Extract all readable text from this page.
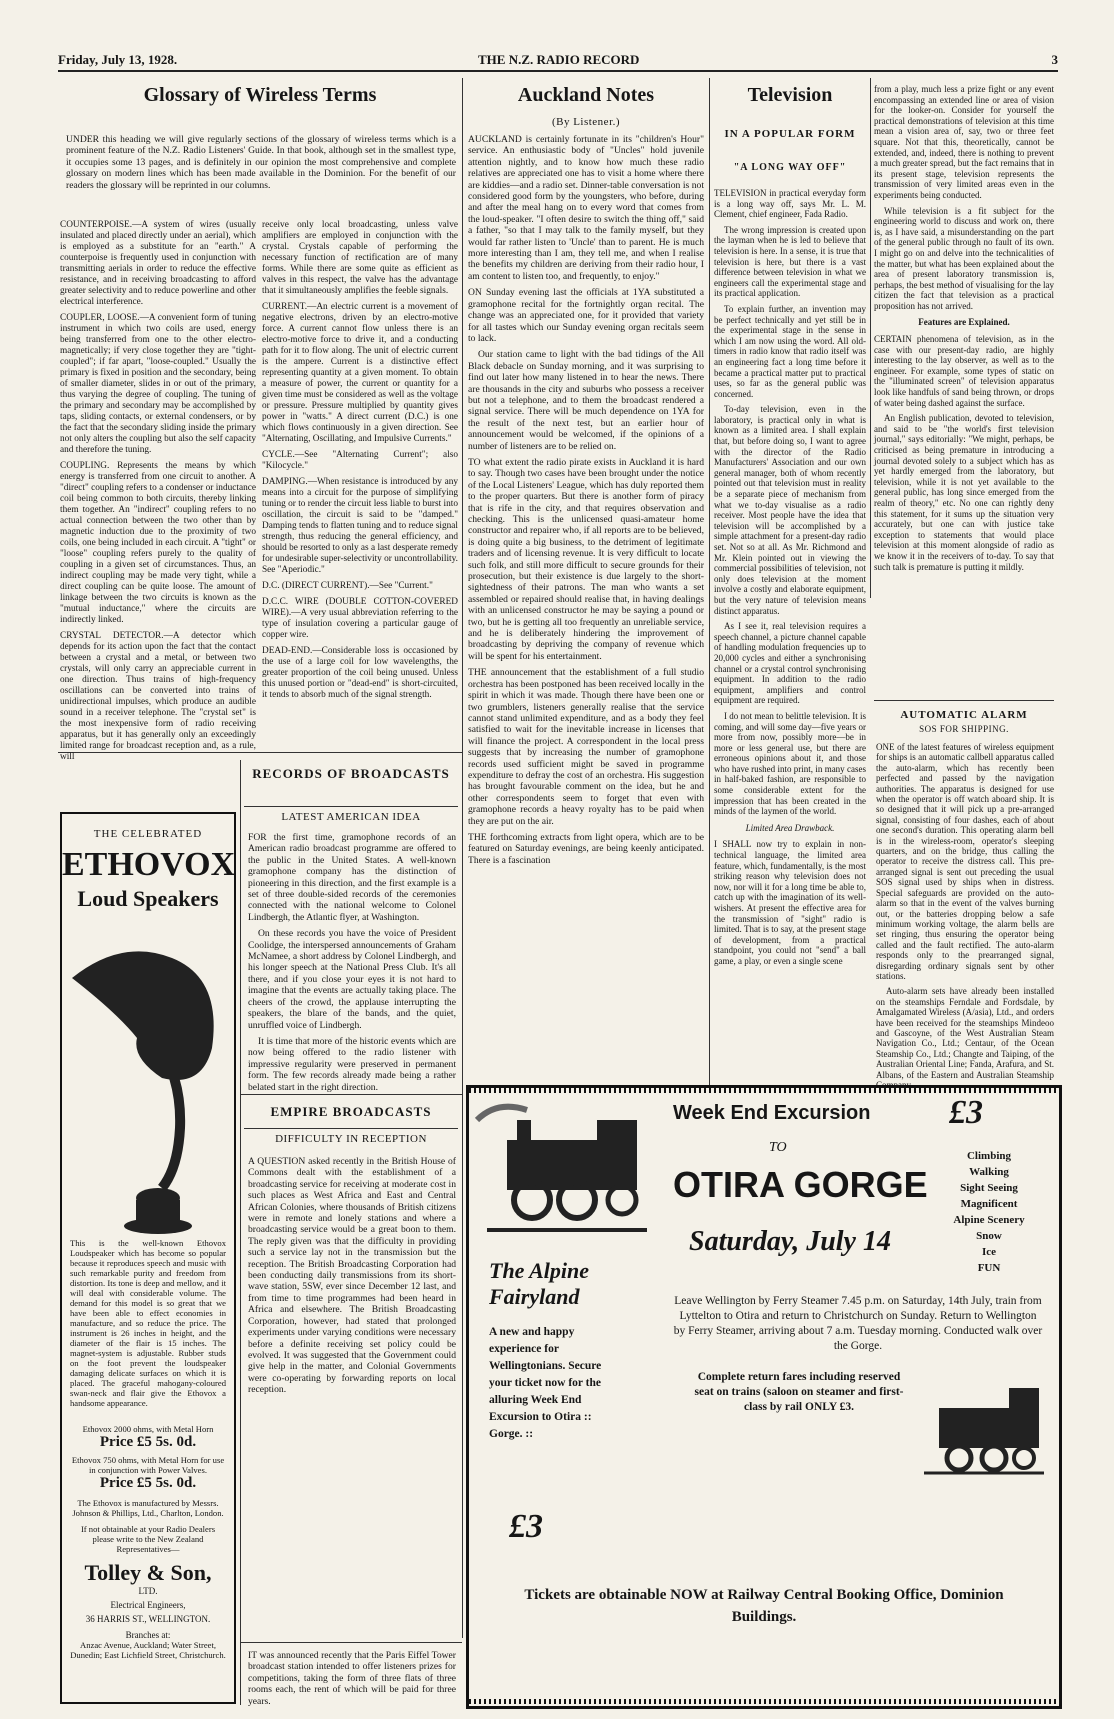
Friday, July 13, 1928.	THE N.Z. RADIO RECORD	3
Glossary of Wireless Terms

UNDER this heading we will give regularly sections of the glossary of wireless terms which is a prominent feature of the N.Z. Radio Listeners' Guide. In that book, although set in the smallest type, it occupies some 13 pages, and is definitely in our opinion the most comprehensive and complete glossary on modern lines which has been made available in the Dominion. For the benefit of our readers the glossary will be reprinted in our columns.

COUNTERPOISE.—A system of wires (usually insulated and placed directly under an aerial), which is employed as a substitute for an "earth." A counterpoise is frequently used in conjunction with transmitting aerials in order to reduce the effective resistance, and in receiving broadcasting to afford greater selectivity and to reduce powerline and other electrical interference.

COUPLER, LOOSE.—A convenient form of tuning instrument in which two coils are used, energy being transferred from one to the other electro-magnetically; if very close together they are "tight-coupled"; if far apart, "loose-coupled." Usually the primary is fixed in position and the secondary, being of smaller diameter, slides in or out of the primary, thus varying the degree of coupling. The tuning of the primary and secondary may be accomplished by taps, sliding contacts, or external condensers, or by the fact that the secondary sliding inside the primary not only alters the coupling but also the self capacity and therefore the tuning.

COUPLING. Represents the means by which energy is transferred from one circuit to another. A "direct" coupling refers to a condenser or inductance coil being common to both circuits, thereby linking them together. An "indirect" coupling refers to no actual connection between the two other than by magnetic induction due to the proximity of two coils, one being included in each circuit. A "tight" or "loose" coupling refers purely to the quality of coupling in a given set of circumstances. Thus, an indirect coupling may be made very tight, while a direct coupling can be quite loose. The amount of linkage between the two circuits is known as the "mutual inductance," where the circuits are indirectly linked.

CRYSTAL DETECTOR.—A detector which depends for its action upon the fact that the contact between a crystal and a metal, or between two crystals, will only carry an appreciable current in one direction. Thus trains of high-frequency oscillations can be converted into trains of unidirectional impulses, which produce an audible sound in a receiver telephone. The "crystal set" is the most inexpensive form of radio receiving apparatus, but it has generally only an exceedingly limited range for broadcast reception and, as a rule, will

receive only local broadcasting, unless valve amplifiers are employed in conjunction with the crystal. Crystals capable of performing the necessary function of rectification are of many forms. While there are some quite as efficient as valves in this respect, the valve has the advantage that it simultaneously amplifies the feeble signals.

CURRENT.—An electric current is a movement of negative electrons, driven by an electro-motive force. A current cannot flow unless there is an electro-motive force to drive it, and a conducting path for it to flow along. The unit of electric current is the ampere. Current is a distinctive effect representing quantity at a given moment. To obtain a measure of power, the current or quantity for a given time must be considered as well as the voltage or pressure. Pressure multiplied by quantity gives power in "watts." A direct current (D.C.) is one which flows continuously in a given direction. See "Alternating, Oscillating, and Impulsive Currents."

CYCLE.—See "Alternating Current"; also "Kilocycle."

DAMPING.—When resistance is introduced by any means into a circuit for the purpose of simplifying tuning or to render the circuit less liable to burst into oscillation, the circuit is said to be "damped." Damping tends to flatten tuning and to reduce signal strength, thus reducing the general efficiency, and should be resorted to only as a last desperate remedy for undesirable super-selectivity or uncontrollability. See "Aperiodic."

D.C. (DIRECT CURRENT).—See "Current."

D.C.C. WIRE (DOUBLE COTTON-COVERED WIRE).—A very usual abbreviation referring to the type of insulation covering a particular gauge of copper wire.

DEAD-END.—Considerable loss is occasioned by the use of a large coil for low wavelengths, the greater proportion of the coil being unused. Unless this unused portion or "dead-end" is short-circuited, it tends to absorb much of the signal strength.

THE CELEBRATED
ETHOVOX
Loud Speakers

This is the well-known Ethovox Loudspeaker which has become so popular because it reproduces speech and music with such remarkable purity and freedom from distortion. Its tone is deep and mellow, and it will deal with considerable volume. The demand for this model is so great that we have been able to effect economies in manufacture, and so reduce the price. The instrument is 26 inches in height, and the diameter of the flair is 15 inches. The magnet-system is adjustable. Rubber studs on the foot prevent the loudspeaker damaging delicate surfaces on which it is placed. The graceful mahogany-coloured swan-neck and flair give the Ethovox a handsome appearance.

Ethovox 2000 ohms, with Metal Horn
Price £5 5s. 0d.
Ethovox 750 ohms, with Metal Horn for use in conjunction with Power Valves.
Price £5 5s. 0d.
The Ethovox is manufactured by Messrs. Johnson & Phillips, Ltd., Charlton, London.
If not obtainable at your Radio Dealers please write to the New Zealand Representatives—
Tolley & Son,
LTD.
Electrical Engineers,
36 HARRIS ST., WELLINGTON.
Branches at:
Anzac Avenue, Auckland; Water Street, Dunedin; East Lichfield Street, Christchurch.
RECORDS OF BROADCASTS
LATEST AMERICAN IDEA

FOR the first time, gramophone records of an American radio broadcast programme are offered to the public in the United States. A well-known gramophone company has the distinction of pioneering in this direction, and the first example is a set of three double-sided records of the ceremonies connected with the national welcome to Colonel Lindbergh, the Atlantic flyer, at Washington.

On these records you have the voice of President Coolidge, the interspersed announcements of Graham McNamee, a short address by Colonel Lindbergh, and his longer speech at the National Press Club. It's all there, and if you close your eyes it is not hard to imagine that the events are actually taking place. The cheers of the crowd, the applause interrupting the speakers, the blare of the bands, and the quiet, unruffled voice of Lindbergh.

It is time that more of the historic events which are now being offered to the radio listener with impressive regularity were preserved in permanent form. The few records already made being a rather belated start in the right direction.

EMPIRE BROADCASTS
DIFFICULTY IN RECEPTION

A QUESTION asked recently in the British House of Commons dealt with the establishment of a broadcasting service for receiving at moderate cost in such places as West Africa and East and Central African Colonies, where thousands of British citizens were in remote and lonely stations and where a broadcasting service would be a great boon to them. The reply given was that the difficulty in providing such a service lay not in the transmission but the reception. The British Broadcasting Corporation had been conducting daily transmissions from its short-wave station, 5SW, ever since December 12 last, and from time to time programmes had been heard in Africa and elsewhere. The British Broadcasting Corporation, however, had stated that prolonged experiments under varying conditions were necessary before a definite receiving set policy could be evolved. It was suggested that the Government could give help in the matter, and Colonial Governments were co-operating by forwarding reports on local reception.

IT was announced recently that the Paris Eiffel Tower broadcast station intended to offer listeners prizes for competitions, taking the form of three flats of three rooms each, the rent of which will be paid for three years.

Auckland Notes
(By Listener.)

AUCKLAND is certainly fortunate in its "children's Hour" service. An enthusiastic body of "Uncles" hold juvenile attention nightly, and to know how much these radio relatives are appreciated one has to visit a home where there are kiddies—and a radio set. Dinner-table conversation is not considered good form by the youngsters, who before, during and after the meal hang on to every word that comes from the loud-speaker. "I often desire to switch the thing off," said a father, "so that I may talk to the family myself, but they would far rather listen to 'Uncle' than to parent. He is much more interesting than I am, they tell me, and when I realise the benefits my children are deriving from their radio hour, I am content to listen too, and frequently, to enjoy."

ON Sunday evening last the officials at 1YA substituted a gramophone recital for the fortnightly organ recital. The change was an appreciated one, for it provided that variety for all tastes which our Sunday evening organ recitals seem to lack.

Our station came to light with the bad tidings of the All Black debacle on Sunday morning, and it was surprising to find out later how many listened in to hear the news. There are thousands in the city and suburbs who possess a receiver but not a telephone, and to them the broadcast rendered a signal service. There will be much dependence on 1YA for the result of the next test, but an earlier hour of announcement would be welcomed, if the opinions of a number of listeners are to be relied on.

TO what extent the radio pirate exists in Auckland it is hard to say. Though two cases have been brought under the notice of the Local Listeners' League, which has duly reported them to the proper quarters. But there is another form of piracy that is rife in the city, and that requires observation and checking. This is the unlicensed quasi-amateur home constructor and repairer who, if all reports are to be believed, is doing quite a big business, to the detriment of legitimate traders and of licensing revenue. It is very difficult to locate such folk, and still more difficult to secure grounds for their prosecution, but their existence is due largely to the short-sightedness of their patrons. The man who wants a set assembled or repaired should realise that, in having dealings with an unlicensed constructor he may be saying a pound or two, but he is getting all too frequently an unreliable service, and he is deliberately hindering the improvement of broadcasting by depriving the company of revenue which will be spent for his entertainment.

THE announcement that the establishment of a full studio orchestra has been postponed has been received locally in the spirit in which it was made. Though there have been one or two grumblers, listeners generally realise that the service cannot stand unlimited expenditure, and as a body they feel satisfied to wait for the inevitable increase in licenses that will finance the project. A correspondent in the local press suggests that by increasing the number of gramophone records used sufficient might be saved in programme expenditure to defray the cost of an orchestra. His suggestion has brought favourable comment on the idea, but he and other correspondents seem to forget that even with gramophone records a heavy royalty has to be paid when they are put on the air.

THE forthcoming extracts from light opera, which are to be featured on Saturday evenings, are being keenly anticipated. There is a fascination

Television
IN A POPULAR FORM
"A LONG WAY OFF"

TELEVISION in practical everyday form is a long way off, says Mr. L. M. Clement, chief engineer, Fada Radio.

The wrong impression is created upon the layman when he is led to believe that television is here. In a sense, it is true that television is here, but there is a vast difference between television in what we engineers call the experimental stage and its practical application.

To explain further, an invention may be perfect technically and yet still be in the experimental stage in the sense in which I am now using the word. All old-timers in radio know that radio itself was an engineering fact a long time before it became a practical matter put to practical uses, so far as the general public was concerned.

To-day television, even in the laboratory, is practical only in what is known as a limited area. I shall explain that, but before doing so, I want to agree with the director of the Radio Manufacturers' Association and our own general manager, both of whom recently pointed out that television must in reality be a separate piece of mechanism from what we to-day visualise as a radio receiver. Most people have the idea that television will be accomplished by a simple attachment for a present-day radio set. Not so at all. As Mr. Richmond and Mr. Klein pointed out in viewing the commercial possibilities of television, not only does television at the moment involve a costly and elaborate equipment, but the very nature of television means distinct apparatus.

As I see it, real television requires a speech channel, a picture channel capable of handling modulation frequencies up to 20,000 cycles and either a synchronising channel or a crystal control synchronising equipment. In addition to the radio equipment, amplifiers and control equipment are required.

I do not mean to belittle television. It is coming, and will some day—five years or more from now, possibly more—be in more or less general use, but there are erroneous opinions about it, and those who have rushed into print, in many cases in half-baked fashion, are responsible to some considerable extent for the impression that has been created in the minds of the laymen of the world.

Limited Area Drawback.

I SHALL now try to explain in non-technical language, the limited area feature, which, fundamentally, is the most striking reason why television does not now, nor will it for a long time be able to, catch up with the imagination of its well-wishers. At present the effective area for the transmission of "sight" radio is limited. That is to say, at the present stage of development, from a practical standpoint, you could not "send" a ball game, a play, or even a single scene

from a play, much less a prize fight or any event encompassing an extended line or area of vision for the looker-on. Consider for yourself the practical demonstrations of television at this time mean a vision area of, say, two or three feet square. Not that this, theoretically, cannot be extended, and, indeed, there is nothing to prevent a much greater spread, but the fact remains that in its present stage, television represents the transmission of very limited areas even in the experiments being conducted.

While television is a fit subject for the engineering world to discuss and work on, there is, as I have said, a misunderstanding on the part of the general public through no fault of its own. I might go on and delve into the technicalities of the matter, but what has been explained about the area of present laboratory transmission is, perhaps, the best method of visualising for the lay citizen the fact that television as a practical proposition has not arrived.

Features are Explained.

CERTAIN phenomena of television, as in the case with our present-day radio, are highly interesting to the lay observer, as well as to the engineer. For example, some types of static on the "illuminated screen" of television apparatus look like handfuls of sand being thrown, or drops of water being dashed against the surface.

An English publication, devoted to television, and said to be "the world's first television journal," says editorially: "We might, perhaps, be criticised as being premature in introducing a journal devoted solely to a subject which has as yet hardly emerged from the laboratory, but television, while it is not yet available to the general public, has long since emerged from the realm of theory," etc. No one can rightly deny this statement, for it sums up the situation very accurately, but one can with justice take exception to statements that would place television at this moment alongside of radio as we know it in the receivers of to-day. To say that such talk is premature is putting it mildly.

AUTOMATIC ALARM
SOS FOR SHIPPING.

ONE of the latest features of wireless equipment for ships is an automatic callbell apparatus called the auto-alarm, which has recently been perfected and passed by the navigation authorities. The apparatus is designed for use when the operator is off watch aboard ship. It is so designed that it will pick up a pre-arranged signal, consisting of four dashes, each of about one second's duration. This operating alarm bell is in the wireless-room, operator's sleeping quarters, and on the bridge, thus calling the operator to receive the distress call. This pre-arranged signal is sent out preceding the usual SOS signal used by ships when in distress. Special safeguards are provided on the auto-alarm so that in the event of the valves burning out, or the batteries dropping below a safe minimum working voltage, the alarm bells are set ringing, thus ensuring the operator being called and the fault rectified. The auto-alarm responds only to the prearranged signal, disregarding ordinary signals sent by other stations.

Auto-alarm sets have already been installed on the steamships Ferndale and Fordsdale, by Amalgamated Wireless (A/asia), Ltd., and orders have been received for the steamships Mindeoo and Gascoyne, of the West Australian Steam Navigation Co., Ltd.; Centaur, of the Ocean Steamship Co., Ltd.; Changte and Taiping, of the Australian Oriental Line; Fanda, Arafura, and St. Albans, of the Eastern and Australian Steamship

Week End Excursion £3
TO
OTIRA GORGE
Saturday, July 14
Climbing
Walking
Sight Seeing
Magnificent
Alpine Scenery
Snow
Ice
FUN
The Alpine Fairyland
A new and happy experience for Wellingtonians. Secure your ticket now for the alluring Week End Excursion to Otira :: Gorge. ::
£3
Leave Wellington by Ferry Steamer 7.45 p.m. on Saturday, 14th July, train from Lyttelton to Otira and return to Christchurch on Sunday. Return to Wellington by Ferry Steamer, arriving about 7 a.m. Tuesday morning. Conducted walk over the Gorge.
Complete return fares including reserved seat on trains (saloon on steamer and first-class by rail ONLY £3.
Tickets are obtainable NOW at Railway Central Booking Office, Dominion Buildings.
